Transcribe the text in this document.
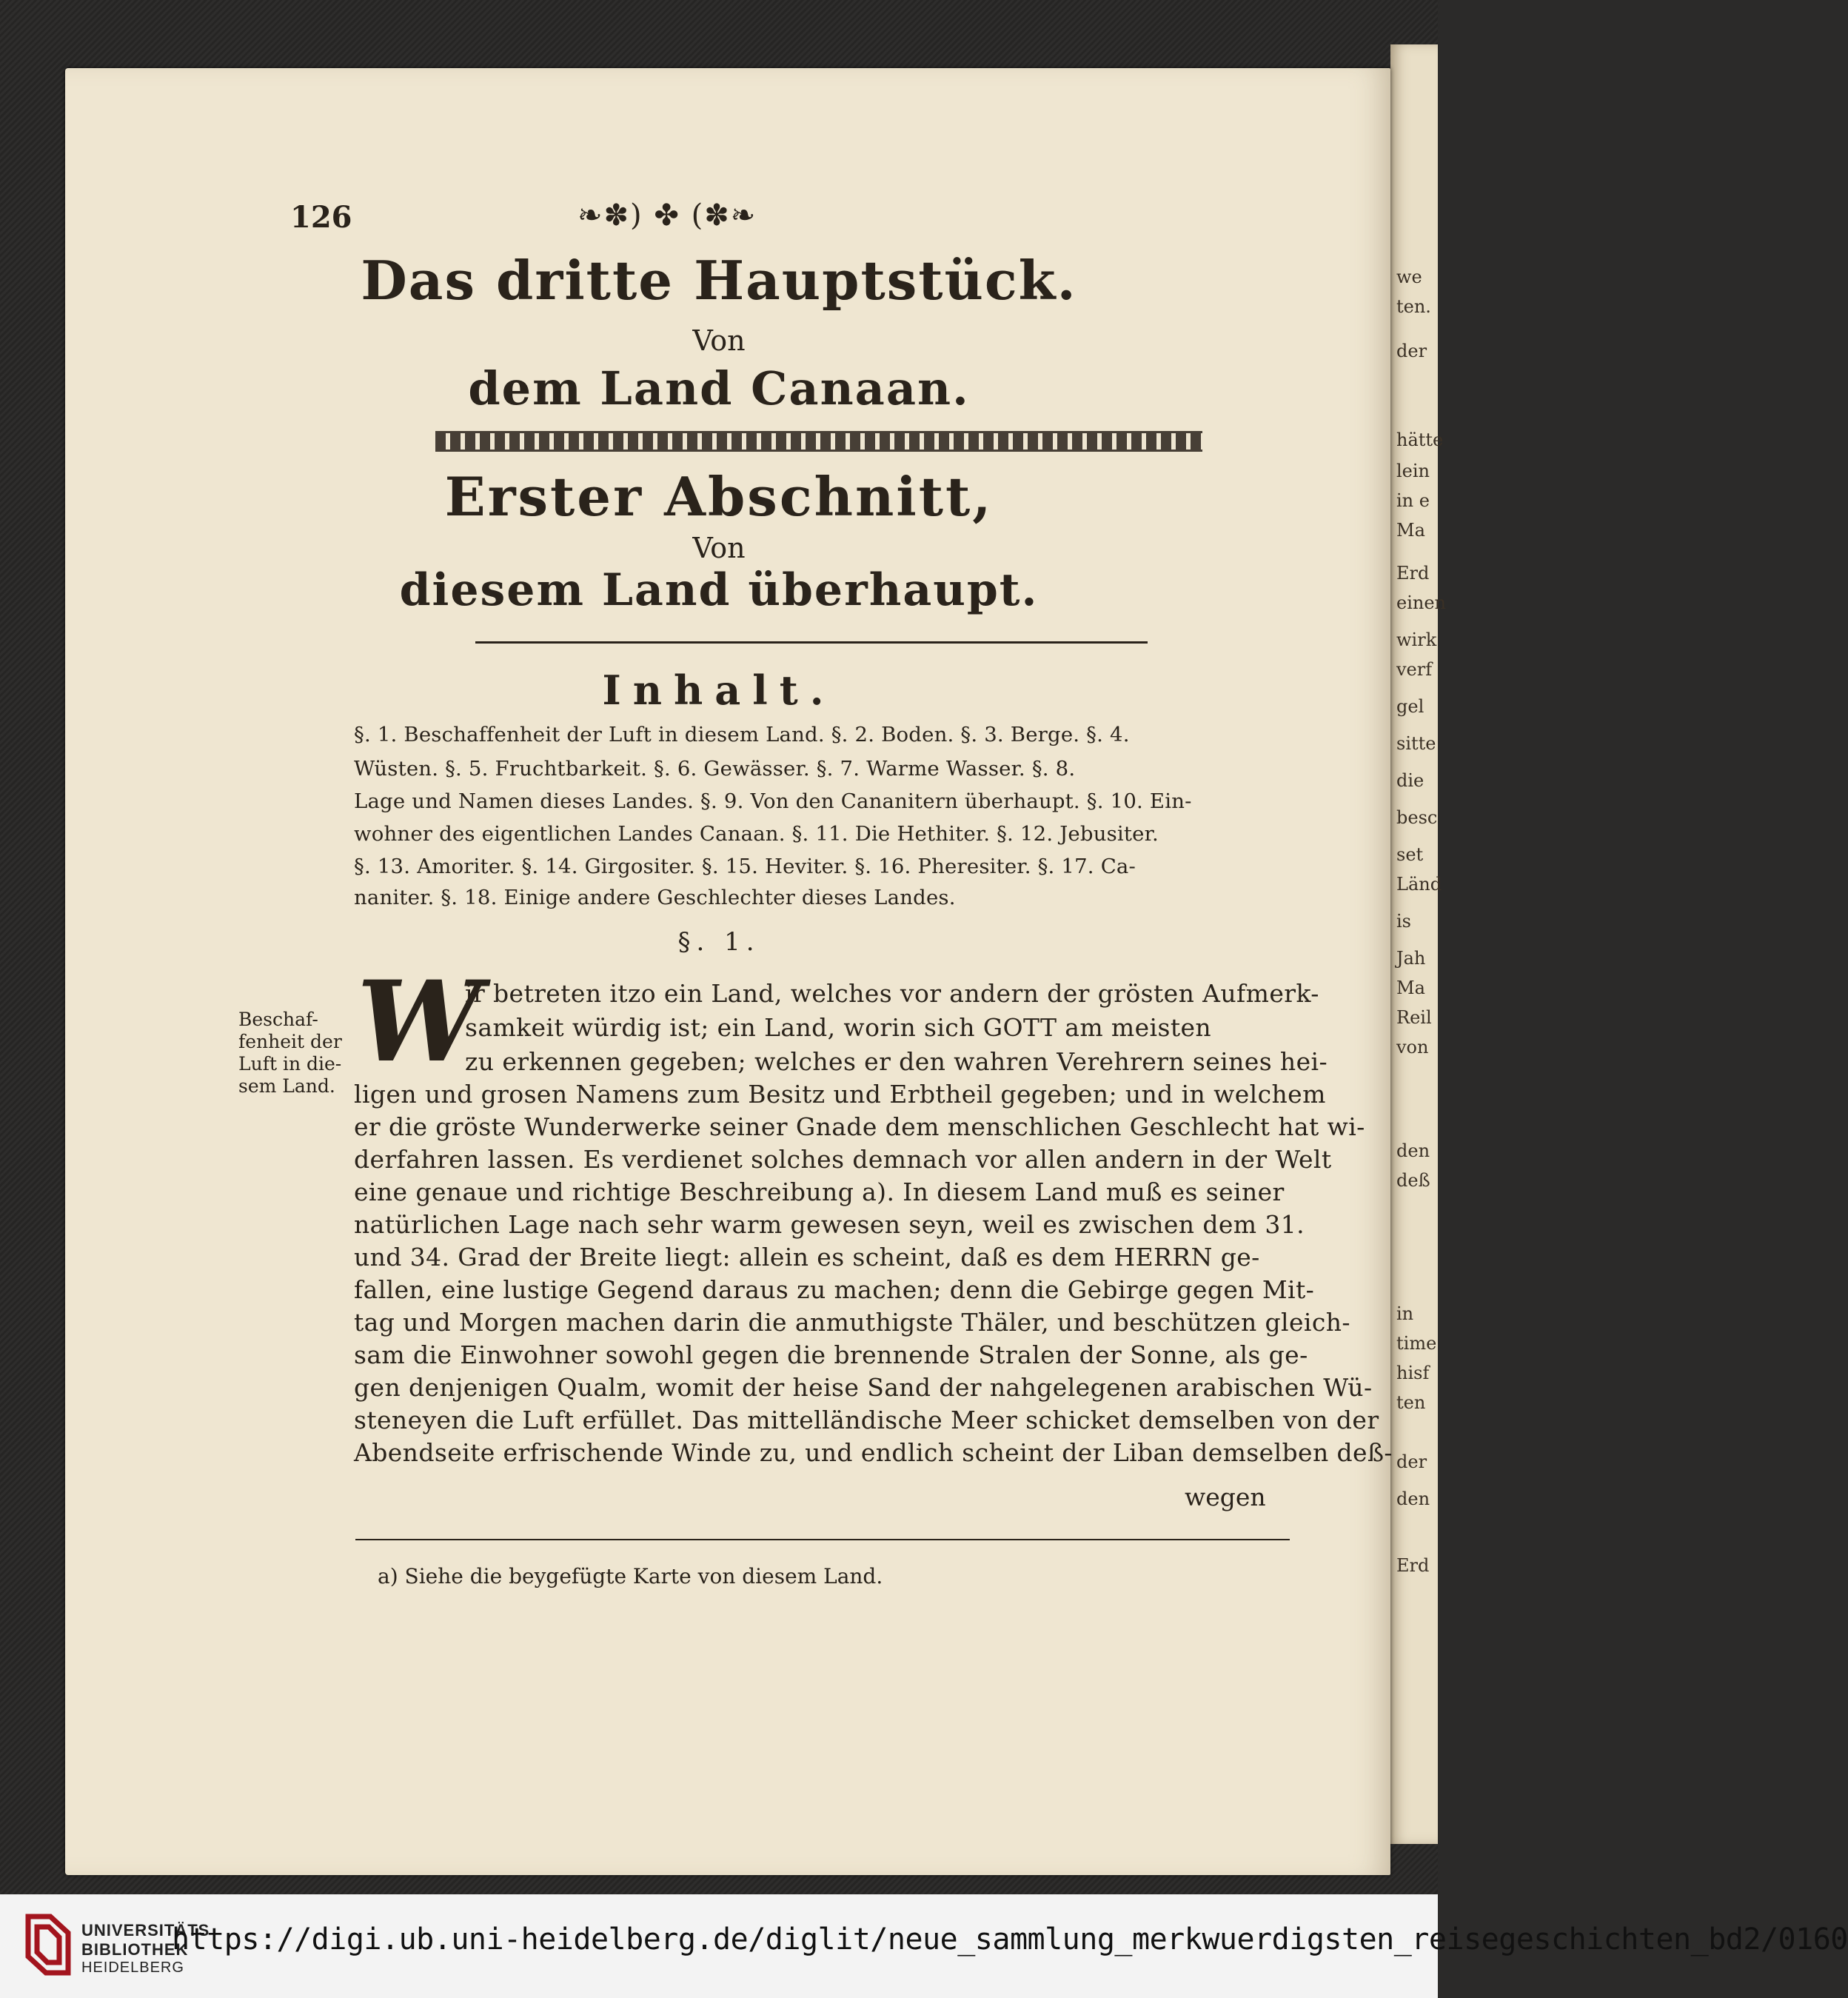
we
ten.
der
hätte
lein
in e
Ma
Erd
einen
wirk
verf
gel
sitte
die
besc
set
Länd
is
Jah
Ma
Reil
von
den
deß
in
time
hisf
ten
der
den
Erd
126	❧✽) ✤ (✽❧
Das dritte Hauptstück.
Von
dem Land Canaan.
Erster Abschnitt,
Von
diesem Land überhaupt.
Inhalt.
§. 1. Beschaffenheit der Luft in diesem Land. §. 2. Boden. §. 3. Berge. §. 4.
Wüsten. §. 5. Fruchtbarkeit. §. 6. Gewässer. §. 7. Warme Wasser. §. 8.
Lage und Namen dieses Landes. §. 9. Von den Cananitern überhaupt. §. 10. Ein-
wohner des eigentlichen Landes Canaan. §. 11. Die Hethiter. §. 12. Jebusiter.
§. 13. Amoriter. §. 14. Girgositer. §. 15. Heviter. §. 16. Pheresiter. §. 17. Ca-
naniter. §. 18. Einige andere Geschlechter dieses Landes.
§. 1.
Beschaf-
fenheit der
Luft in die-
sem Land. W
ir betreten itzo ein Land, welches vor andern der grösten Aufmerk-
samkeit würdig ist; ein Land, worin sich GOTT am meisten
zu erkennen gegeben; welches er den wahren Verehrern seines hei-
ligen und grosen Namens zum Besitz und Erbtheil gegeben; und in welchem
er die gröste Wunderwerke seiner Gnade dem menschlichen Geschlecht hat wi-
derfahren lassen. Es verdienet solches demnach vor allen andern in der Welt
eine genaue und richtige Beschreibung a). In diesem Land muß es seiner
natürlichen Lage nach sehr warm gewesen seyn, weil es zwischen dem 31.
und 34. Grad der Breite liegt: allein es scheint, daß es dem HERRN ge-
fallen, eine lustige Gegend daraus zu machen; denn die Gebirge gegen Mit-
tag und Morgen machen darin die anmuthigste Thäler, und beschützen gleich-
sam die Einwohner sowohl gegen die brennende Stralen der Sonne, als ge-
gen denjenigen Qualm, womit der heise Sand der nahgelegenen arabischen Wü-
steneyen die Luft erfüllet. Das mittelländische Meer schicket demselben von der
Abendseite erfrischende Winde zu, und endlich scheint der Liban demselben deß-
wegen
a) Siehe die beygefügte Karte von diesem Land.
UNIVERSITÄTS
BIBLIOTHEK
HEIDELBERG
https://digi.ub.uni-heidelberg.de/diglit/neue_sammlung_merkwuerdigsten_reisegeschichten_bd2/0160
